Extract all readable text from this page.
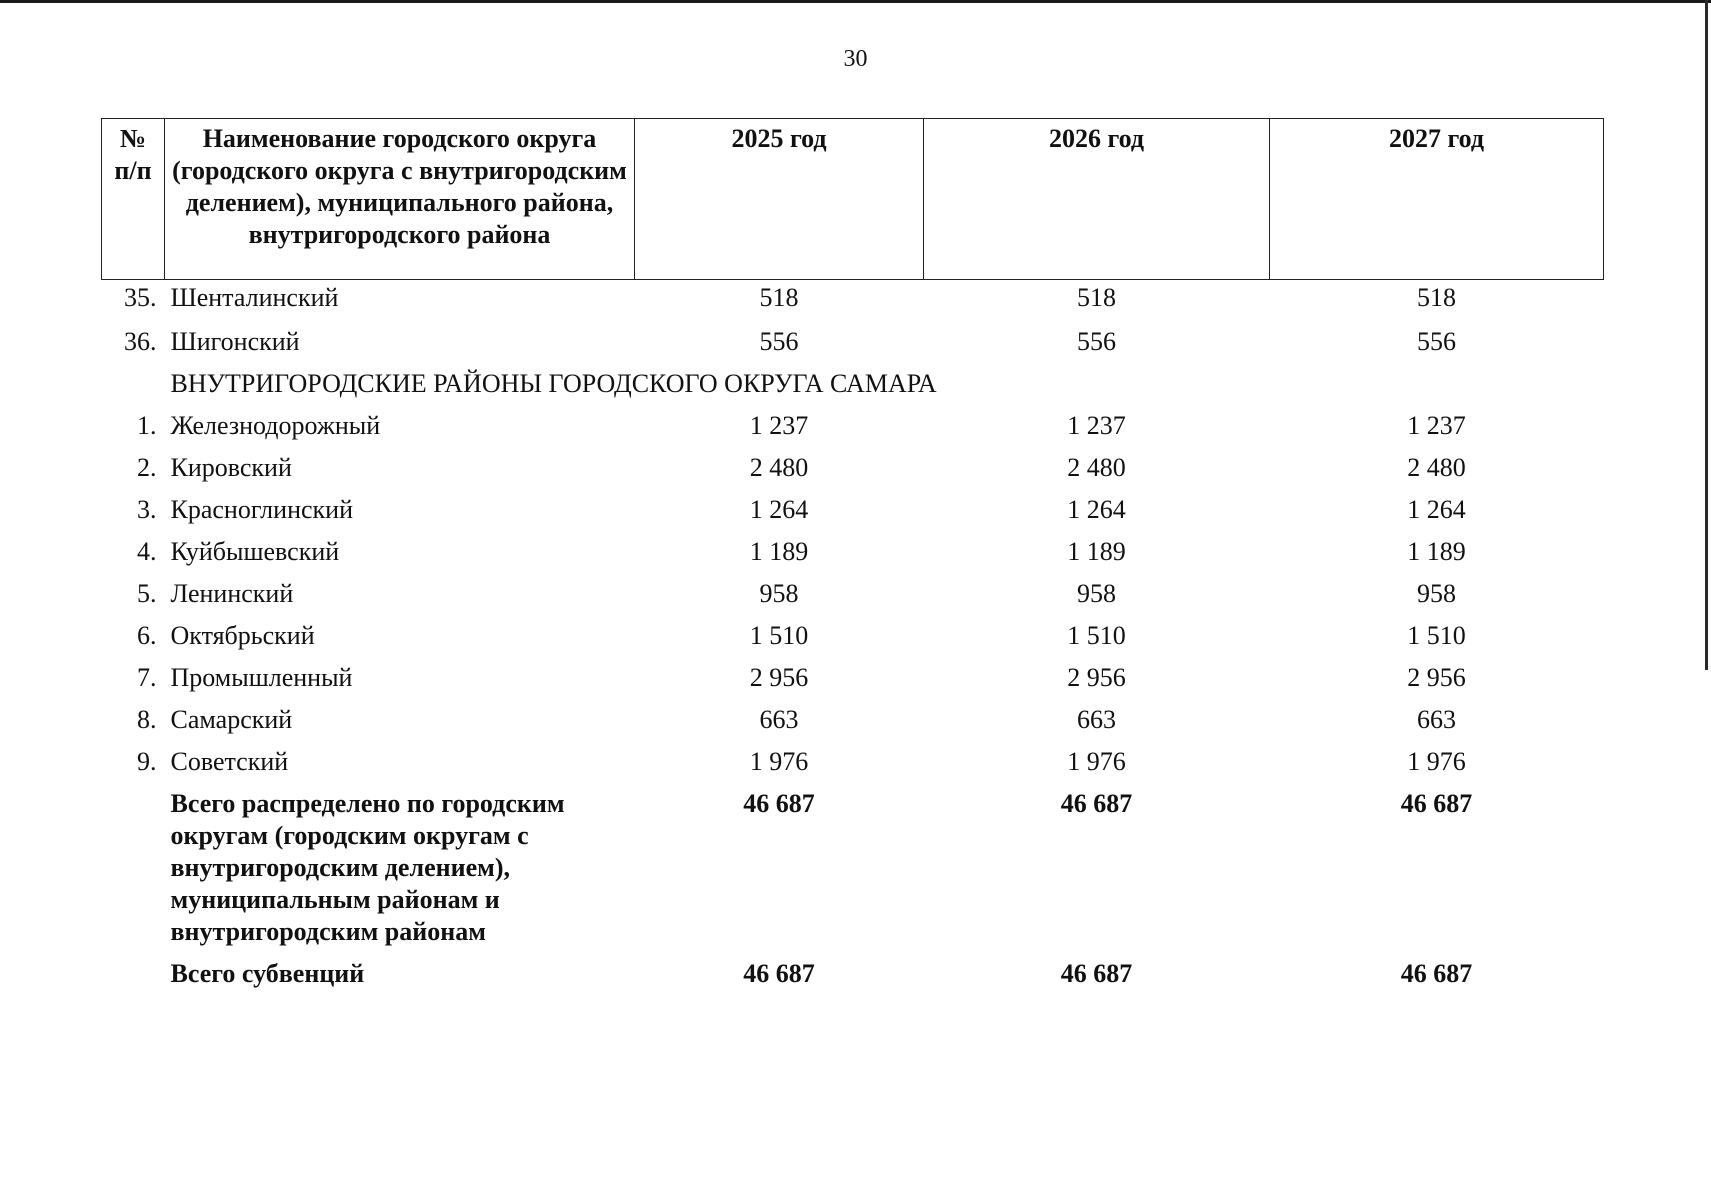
30
№
п/п	Наименование городского округа (городского округа с внутригородским делением), муниципального района, внутригородского района	2025 год	2026 год	2027 год
35.	Шенталинский	518	518	518
36.	Шигонский	556	556	556
	ВНУТРИГОРОДСКИЕ РАЙОНЫ ГОРОДСКОГО ОКРУГА САМАРА			
1.	Железнодорожный	1 237	1 237	1 237
2.	Кировский	2 480	2 480	2 480
3.	Красноглинский	1 264	1 264	1 264
4.	Куйбышевский	1 189	1 189	1 189
5.	Ленинский	958	958	958
6.	Октябрьский	1 510	1 510	1 510
7.	Промышленный	2 956	2 956	2 956
8.	Самарский	663	663	663
9.	Советский	1 976	1 976	1 976
	Всего распределено по городским округам (городским округам с внутригородским делением), муниципальным районам и внутригородским районам	46 687	46 687	46 687
	Всего субвенций	46 687	46 687	46 687
